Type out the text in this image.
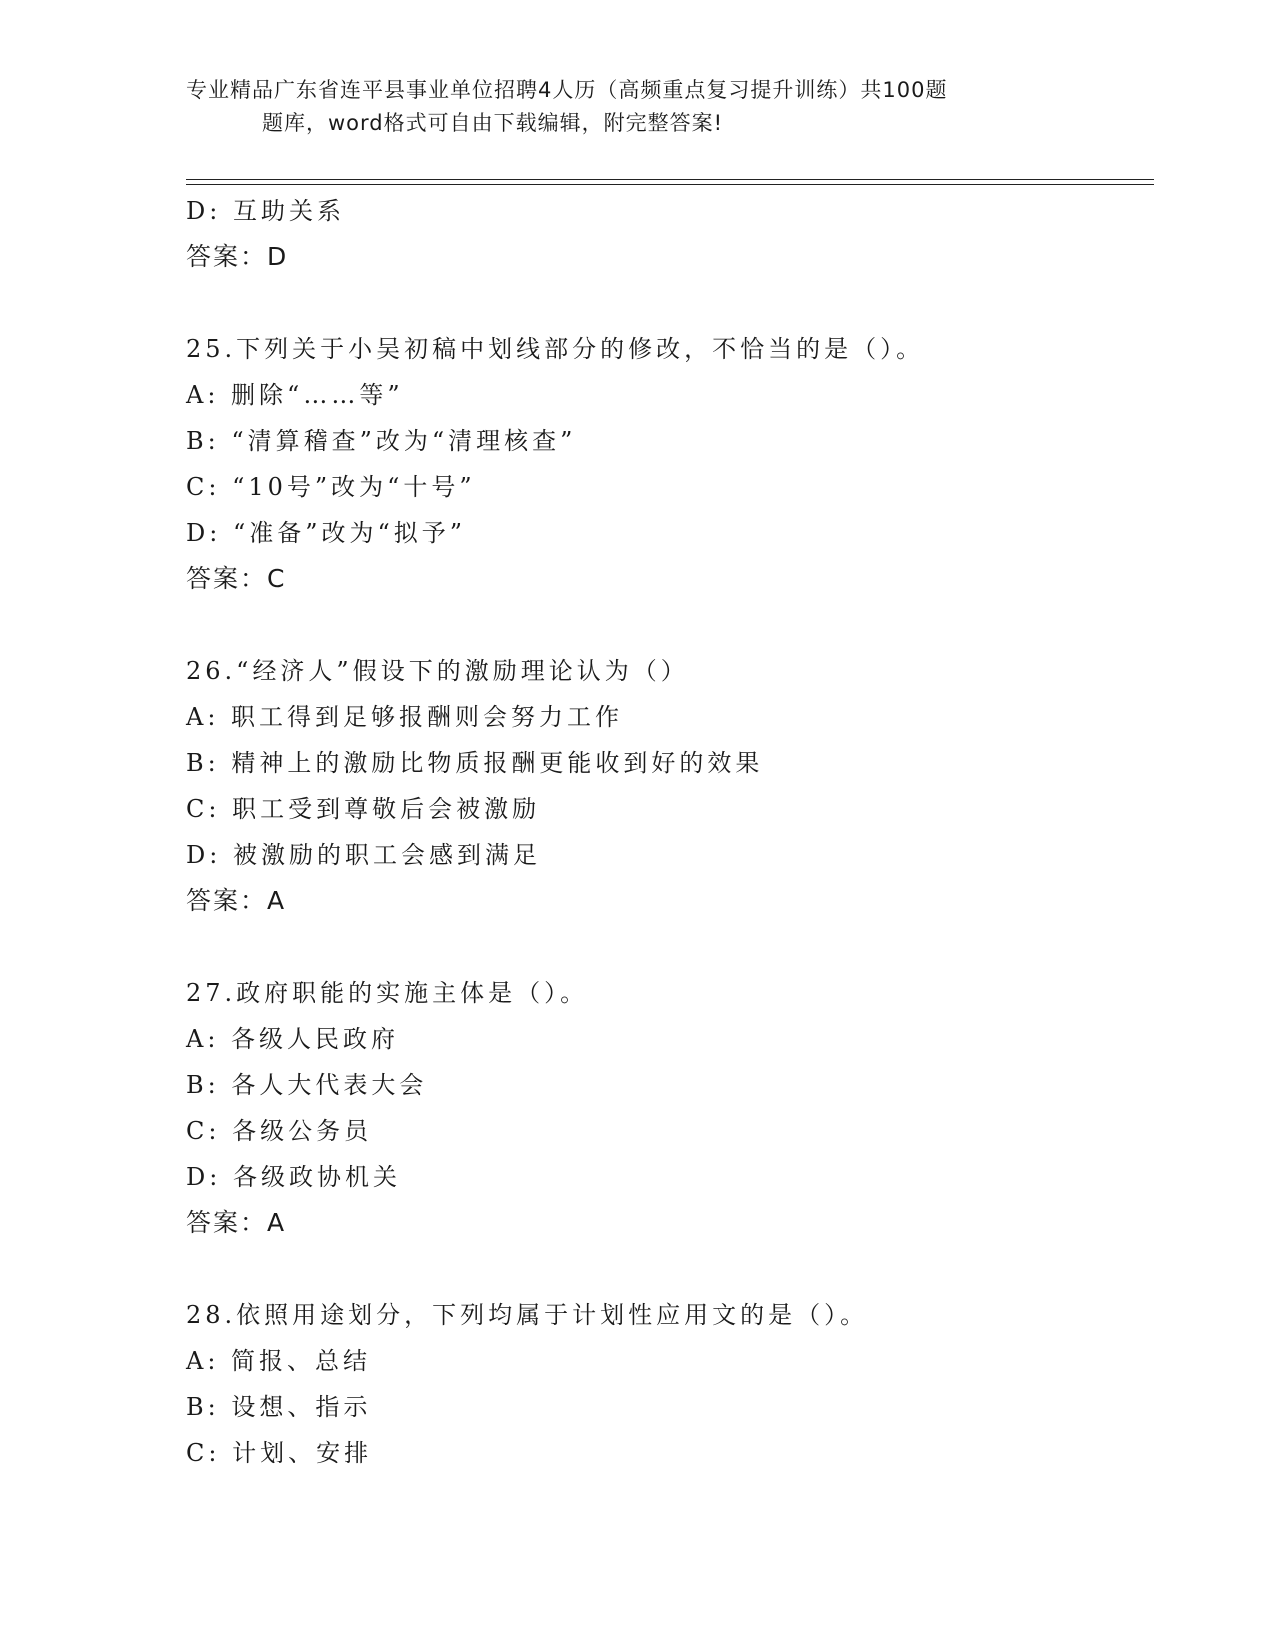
专业精品广东省连平县事业单位招聘4人历（高频重点复习提升训练）共100题
题库，word格式可自由下载编辑，附完整答案!
D: 互助关系
答案：D
25.下列关于小吴初稿中划线部分的修改，不恰当的是（）。
A: 删除“……等”
B: “清算稽查”改为“清理核查”
C: “10号”改为“十号”
D: “准备”改为“拟予”
答案：C
26.“经济人”假设下的激励理论认为（）
A: 职工得到足够报酬则会努力工作
B: 精神上的激励比物质报酬更能收到好的效果
C: 职工受到尊敬后会被激励
D: 被激励的职工会感到满足
答案：A
27.政府职能的实施主体是（）。
A: 各级人民政府
B: 各人大代表大会
C: 各级公务员
D: 各级政协机关
答案：A
28.依照用途划分，下列均属于计划性应用文的是（）。
A: 简报、总结
B: 设想、指示
C: 计划、安排
